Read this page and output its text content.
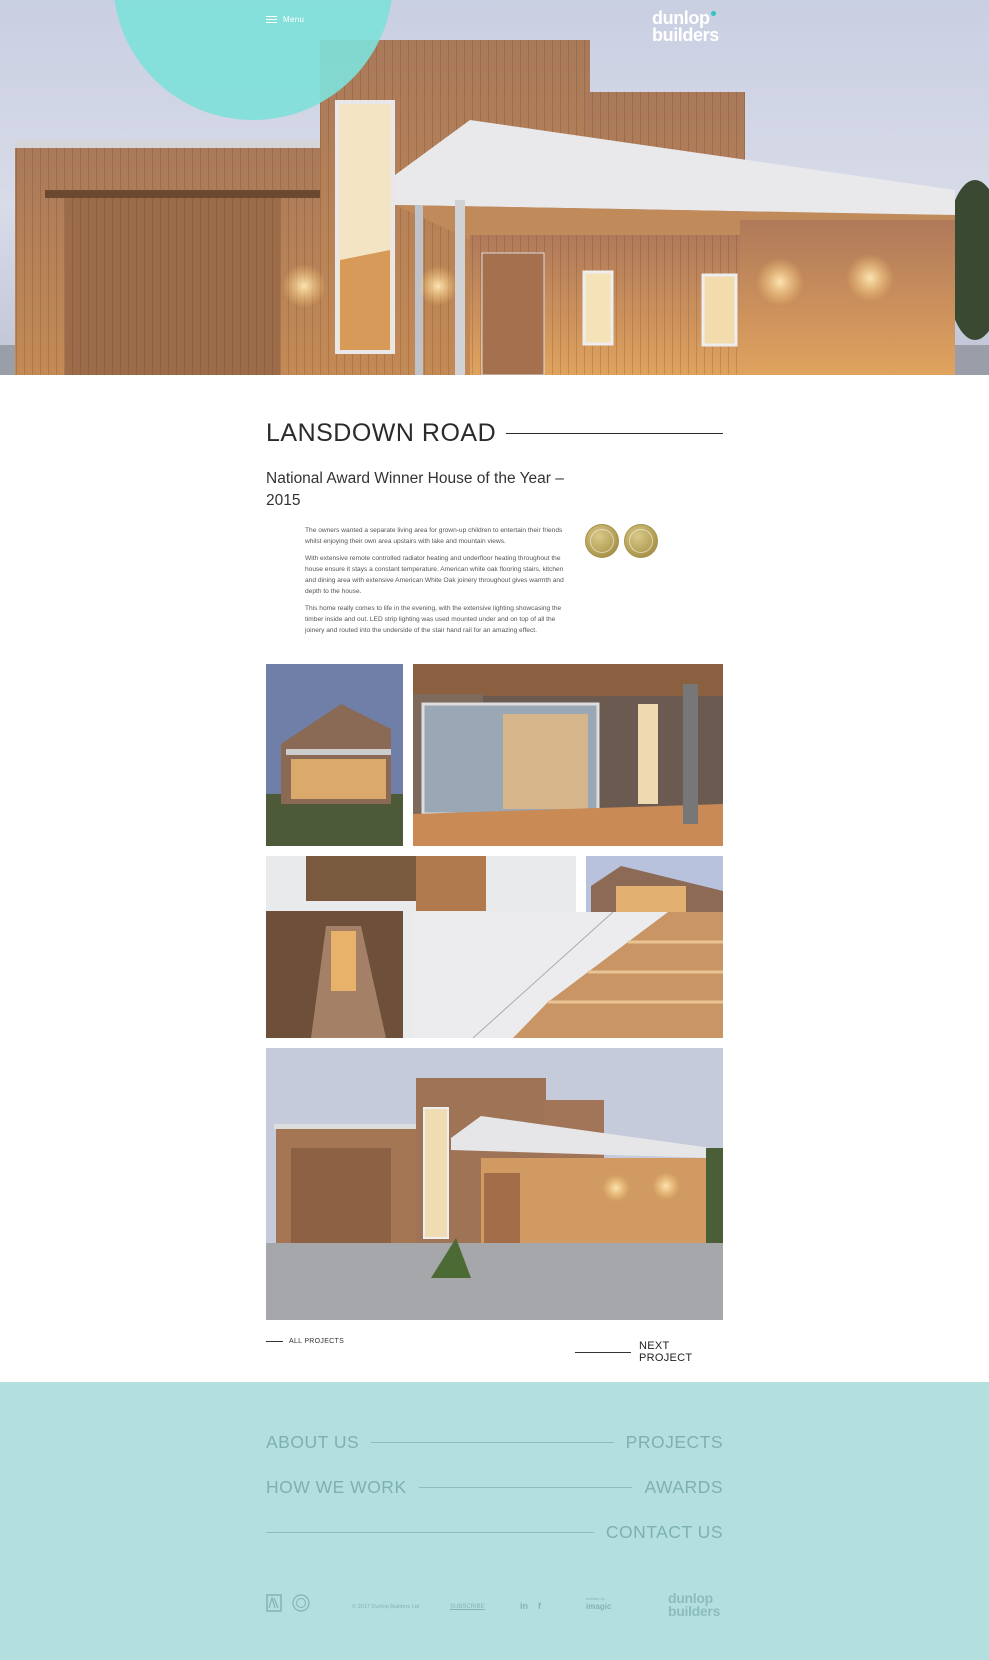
Menu	dunlop
builders
LANSDOWN ROAD
National Award Winner House of the Year – 2015

The owners wanted a separate living area for grown-up children to entertain their friends whilst enjoying their own area upstairs with lake and mountain views.

With extensive remote controlled radiator heating and underfloor heating throughout the house ensure it stays a constant temperature. American white oak flooring stairs, kitchen and dining area with extensive American White Oak joinery throughout gives warmth and depth to the house.

This home really comes to life in the evening, with the extensive lighting showcasing the timber inside and out. LED strip lighting was used mounted under and on top of all the joinery and routed into the underside of the stair hand rail for an amazing effect.

ALL PROJECTS	NEXT PROJECT
ABOUT US	PROJECTS
HOW WE WORK	AWARDS
CONTACT US
© 2017 Dunlop Builders Ltd	SUBSCRIBE	in f
website by
imagic
dunlop
builders
